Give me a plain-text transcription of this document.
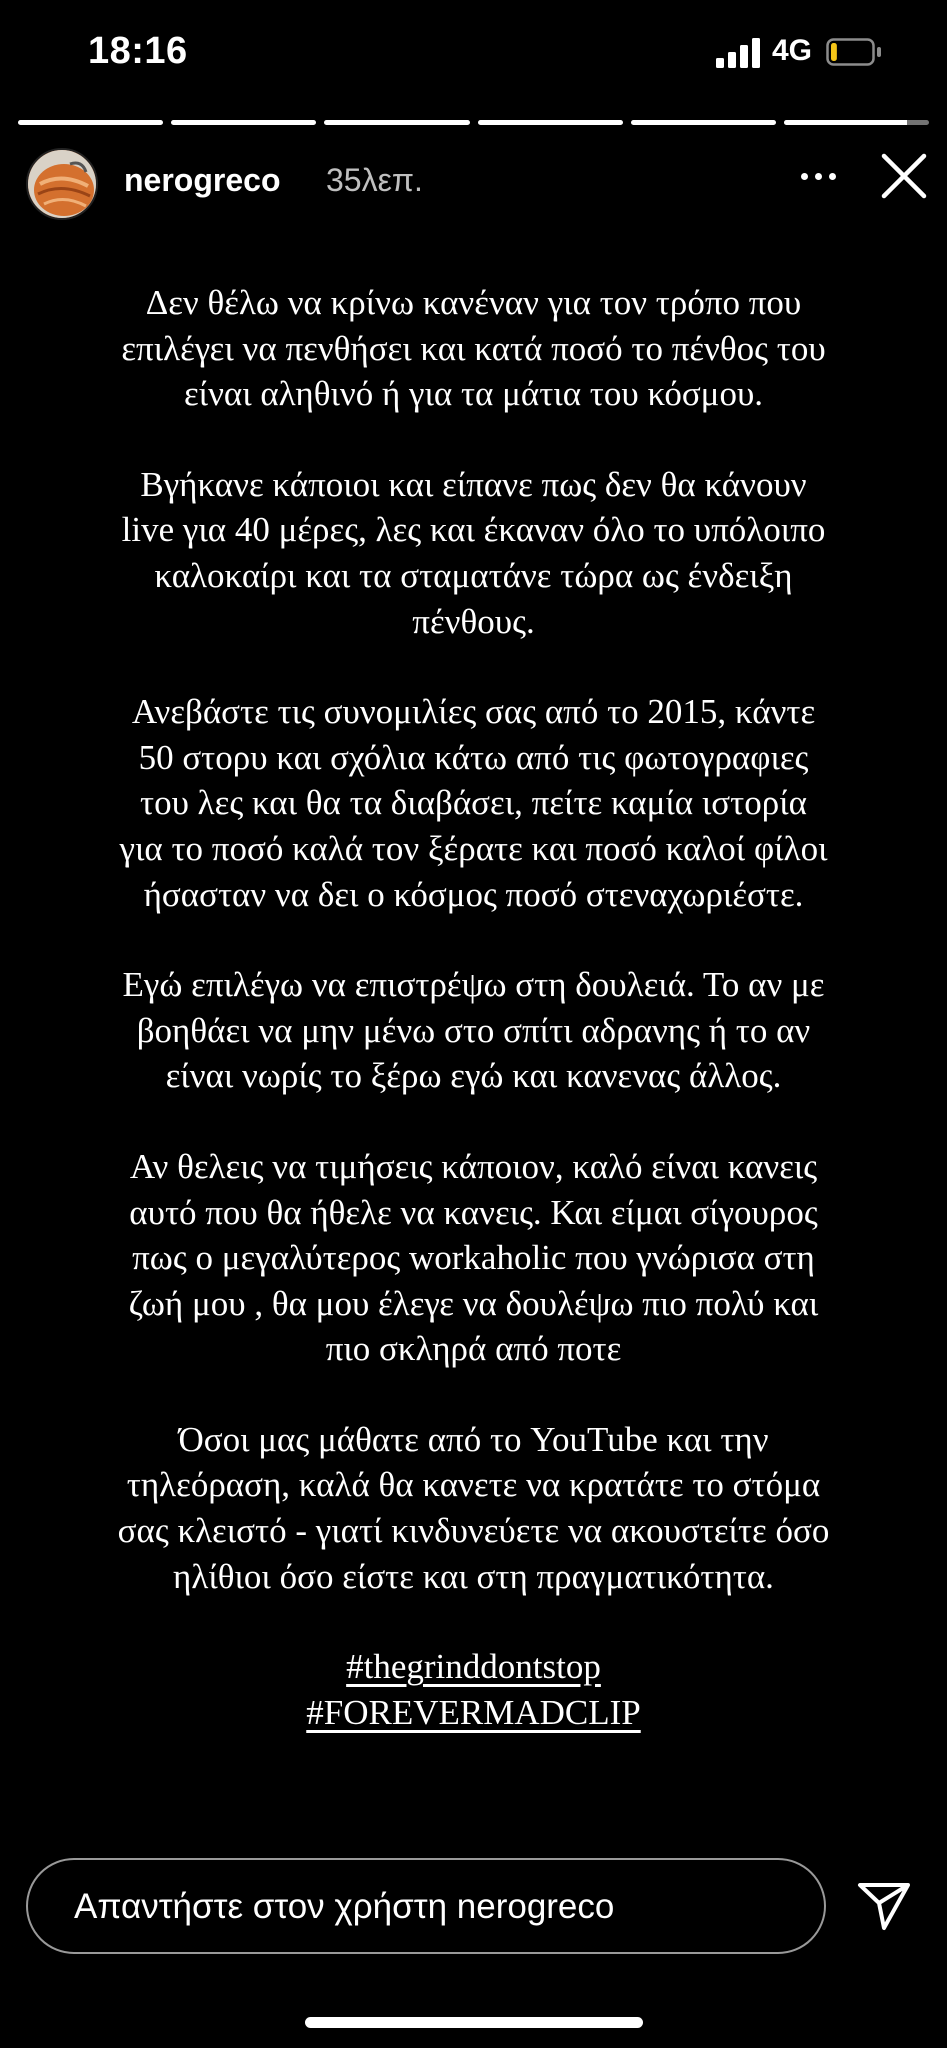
18:16	4G
nerogreco 35λεπ.

Δεν θέλω να κρίνω κανέναν για τον τρόπο που
επιλέγει να πενθήσει και κατά ποσό το πένθος του
είναι αληθινό ή για τα μάτια του κόσμου.

Βγήκανε κάποιοι και είπανε πως δεν θα κάνουν
live για 40 μέρες, λες και έκαναν όλο το υπόλοιπο
καλοκαίρι και τα σταματάνε τώρα ως ένδειξη
πένθους.

Ανεβάστε τις συνομιλίες σας από το 2015, κάντε
50 στορυ και σχόλια κάτω από τις φωτογραφιες
του λες και θα τα διαβάσει, πείτε καμία ιστορία
για το ποσό καλά τον ξέρατε και ποσό καλοί φίλοι
ήσασταν να δει ο κόσμος ποσό στεναχωριέστε.

Εγώ επιλέγω να επιστρέψω στη δουλειά. Το αν με
βοηθάει να μην μένω στο σπίτι αδρανης ή το αν
είναι νωρίς το ξέρω εγώ και κανενας άλλος.

Αν θελεις να τιμήσεις κάποιον, καλό είναι κανεις
αυτό που θα ήθελε να κανεις. Και είμαι σίγουρος
πως ο μεγαλύτερος workaholic που γνώρισα στη
ζωή μου , θα μου έλεγε να δουλέψω πιο πολύ και
πιο σκληρά από ποτε

Όσοι μας μάθατε από το YouTube και την
τηλεόραση, καλά θα κανετε να κρατάτε το στόμα
σας κλειστό - γιατί κινδυνεύετε να ακουστείτε όσο
ηλίθιοι όσο είστε και στη πραγματικότητα.

#thegrinddontstop
#FOREVERMADCLIP
Απαντήστε στον χρήστη nerogreco
